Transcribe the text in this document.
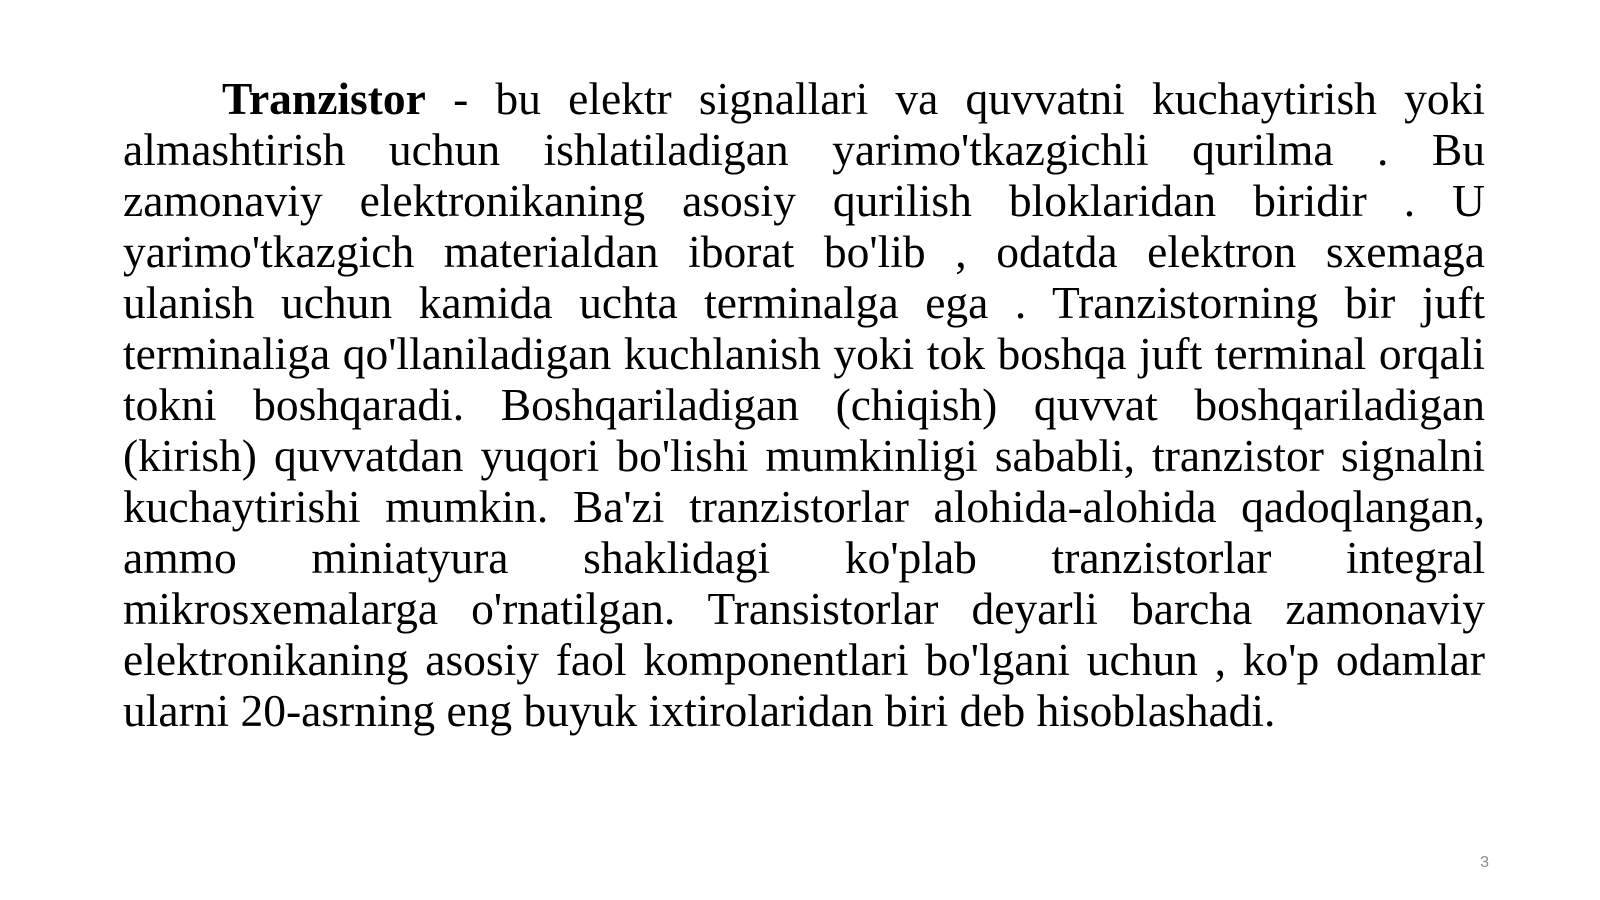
Tranzistor - bu elektr signallari va quvvatni kuchaytirish yoki almashtirish uchun ishlatiladigan yarimo'tkazgichli qurilma . Bu zamonaviy elektronikaning asosiy qurilish bloklaridan biridir . U yarimo'tkazgich materialdan iborat bo'lib , odatda elektron sxemaga ulanish uchun kamida uchta terminalga ega . Tranzistorning bir juft terminaliga qo'llaniladigan kuchlanish yoki tok boshqa juft terminal orqali tokni boshqaradi. Boshqariladigan (chiqish) quvvat boshqariladigan (kirish) quvvatdan yuqori bo'lishi mumkinligi sababli, tranzistor signalni kuchaytirishi mumkin. Ba'zi tranzistorlar alohida-alohida qadoqlangan, ammo miniatyura shaklidagi ko'plab tranzistorlar integral mikrosxemalarga o'rnatilgan. Transistorlar deyarli barcha zamonaviy elektronikaning asosiy faol komponentlari bo'lgani uchun , ko'p odamlar ularni 20-asrning eng buyuk ixtirolaridan biri deb hisoblashadi.

3
